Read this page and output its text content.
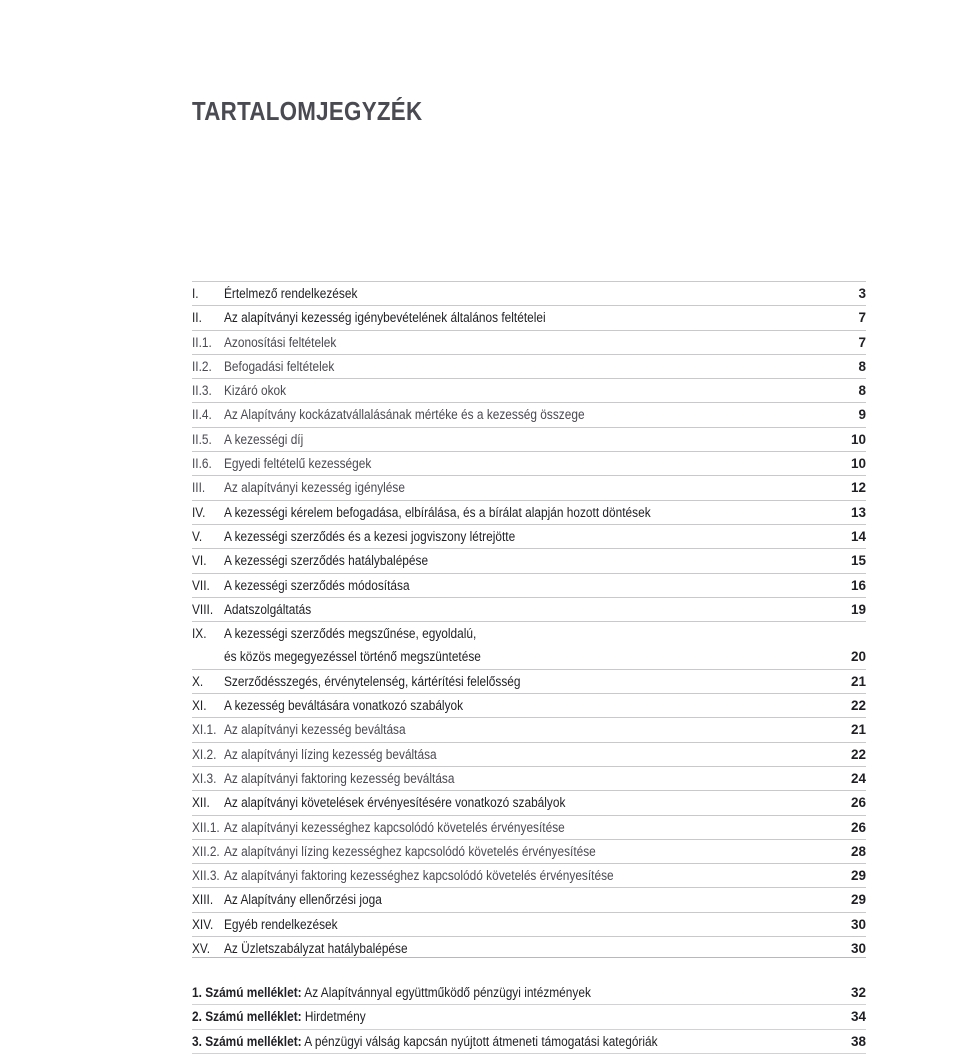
TARTALOMJEGYZÉK
I. Értelmező rendelkezések	3
II. Az alapítványi kezesség igénybevételének általános feltételei	7
II.1. Azonosítási feltételek	7
II.2. Befogadási feltételek	8
II.3. Kizáró okok	8
II.4. Az Alapítvány kockázatvállalásának mértéke és a kezesség összege	9
II.5. A kezességi díj	10
II.6. Egyedi feltételű kezességek	10
III. Az alapítványi kezesség igénylése	12
IV. A kezességi kérelem befogadása, elbírálása, és a bírálat alapján hozott döntések	13
V. A kezességi szerződés és a kezesi jogviszony létrejötte	14
VI. A kezességi szerződés hatálybalépése	15
VII. A kezességi szerződés módosítása	16
VIII. Adatszolgáltatás	19
IX. A kezességi szerződés megszűnése, egyoldalú,
és közös megegyezéssel történő megszüntetése	20
X. Szerződésszegés, érvénytelenség, kártérítési felelősség	21
XI. A kezesség beváltására vonatkozó szabályok	22
XI.1. Az alapítványi kezesség beváltása	21
XI.2. Az alapítványi lízing kezesség beváltása	22
XI.3. Az alapítványi faktoring kezesség beváltása	24
XII. Az alapítványi követelések érvényesítésére vonatkozó szabályok	26
XII.1. Az alapítványi kezességhez kapcsolódó követelés érvényesítése	26
XII.2. Az alapítványi lízing kezességhez kapcsolódó követelés érvényesítése	28
XII.3. Az alapítványi faktoring kezességhez kapcsolódó követelés érvényesítése	29
XIII. Az Alapítvány ellenőrzési joga	29
XIV. Egyéb rendelkezések	30
XV. Az Üzletszabályzat hatálybalépése	30
1. Számú melléklet: Az Alapítvánnyal együttműködő pénzügyi intézmények	32
2. Számú melléklet: Hirdetmény	34
3. Számú melléklet: A pénzügyi válság kapcsán nyújtott átmeneti támogatási kategóriák	38
